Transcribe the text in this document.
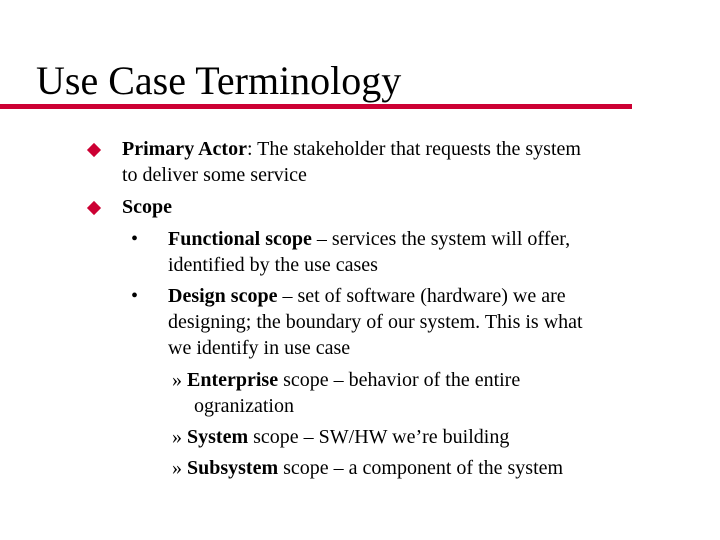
Use Case Terminology
Primary Actor: The stakeholder that requests the system
to deliver some service
Scope
• Functional scope – services the system will offer,
identified by the use cases
• Design scope – set of software (hardware) we are
designing; the boundary of our system. This is what
we identify in use case
» Enterprise scope – behavior of the entire
ogranization
» System scope – SW/HW we’re building
» Subsystem scope – a component of the system
